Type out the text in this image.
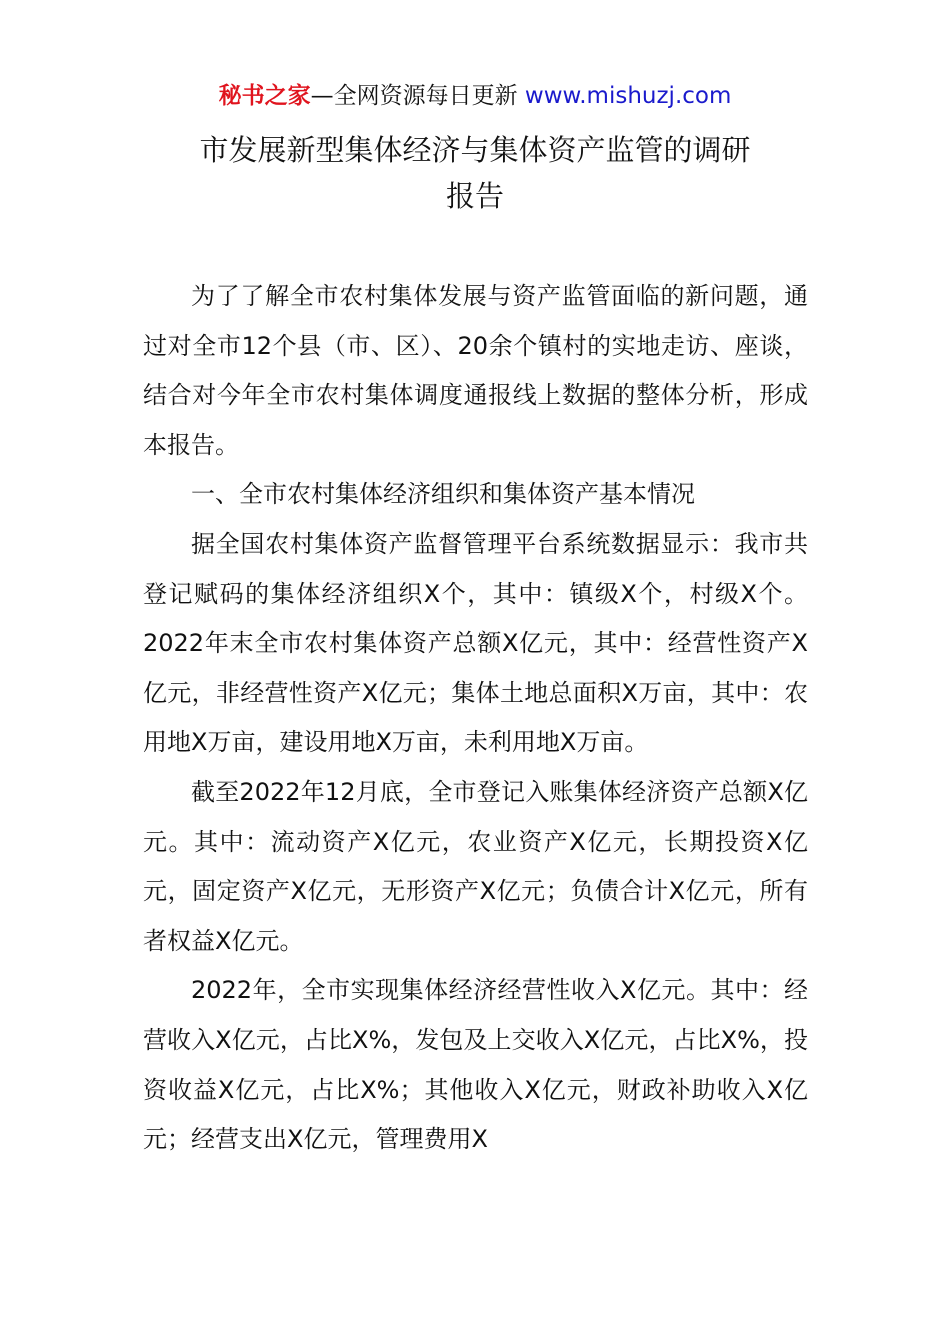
秘书之家—全网资源每日更新 www.mishuzj.com
市发展新型集体经济与集体资产监管的调研
报告

为了了解全市农村集体发展与资产监管面临的新问题，通过对全市12个县（市、区）、20余个镇村的实地走访、座谈，结合对今年全市农村集体调度通报线上数据的整体分析，形成本报告。

一、全市农村集体经济组织和集体资产基本情况

据全国农村集体资产监督管理平台系统数据显示：我市共登记赋码的集体经济组织X个，其中：镇级X个，村级X个。2022年末全市农村集体资产总额X亿元，其中：经营性资产X亿元，非经营性资产X亿元；集体土地总面积X万亩，其中：农用地X万亩，建设用地X万亩，未利用地X万亩。

截至2022年12月底，全市登记入账集体经济资产总额X亿元。其中：流动资产X亿元，农业资产X亿元，长期投资X亿元，固定资产X亿元，无形资产X亿元；负债合计X亿元，所有者权益X亿元。

2022年，全市实现集体经济经营性收入X亿元。其中：经营收入X亿元，占比X%，发包及上交收入X亿元，占比X%，投资收益X亿元，占比X%；其他收入X亿元，财政补助收入X亿元；经营支出X亿元，管理费用X
